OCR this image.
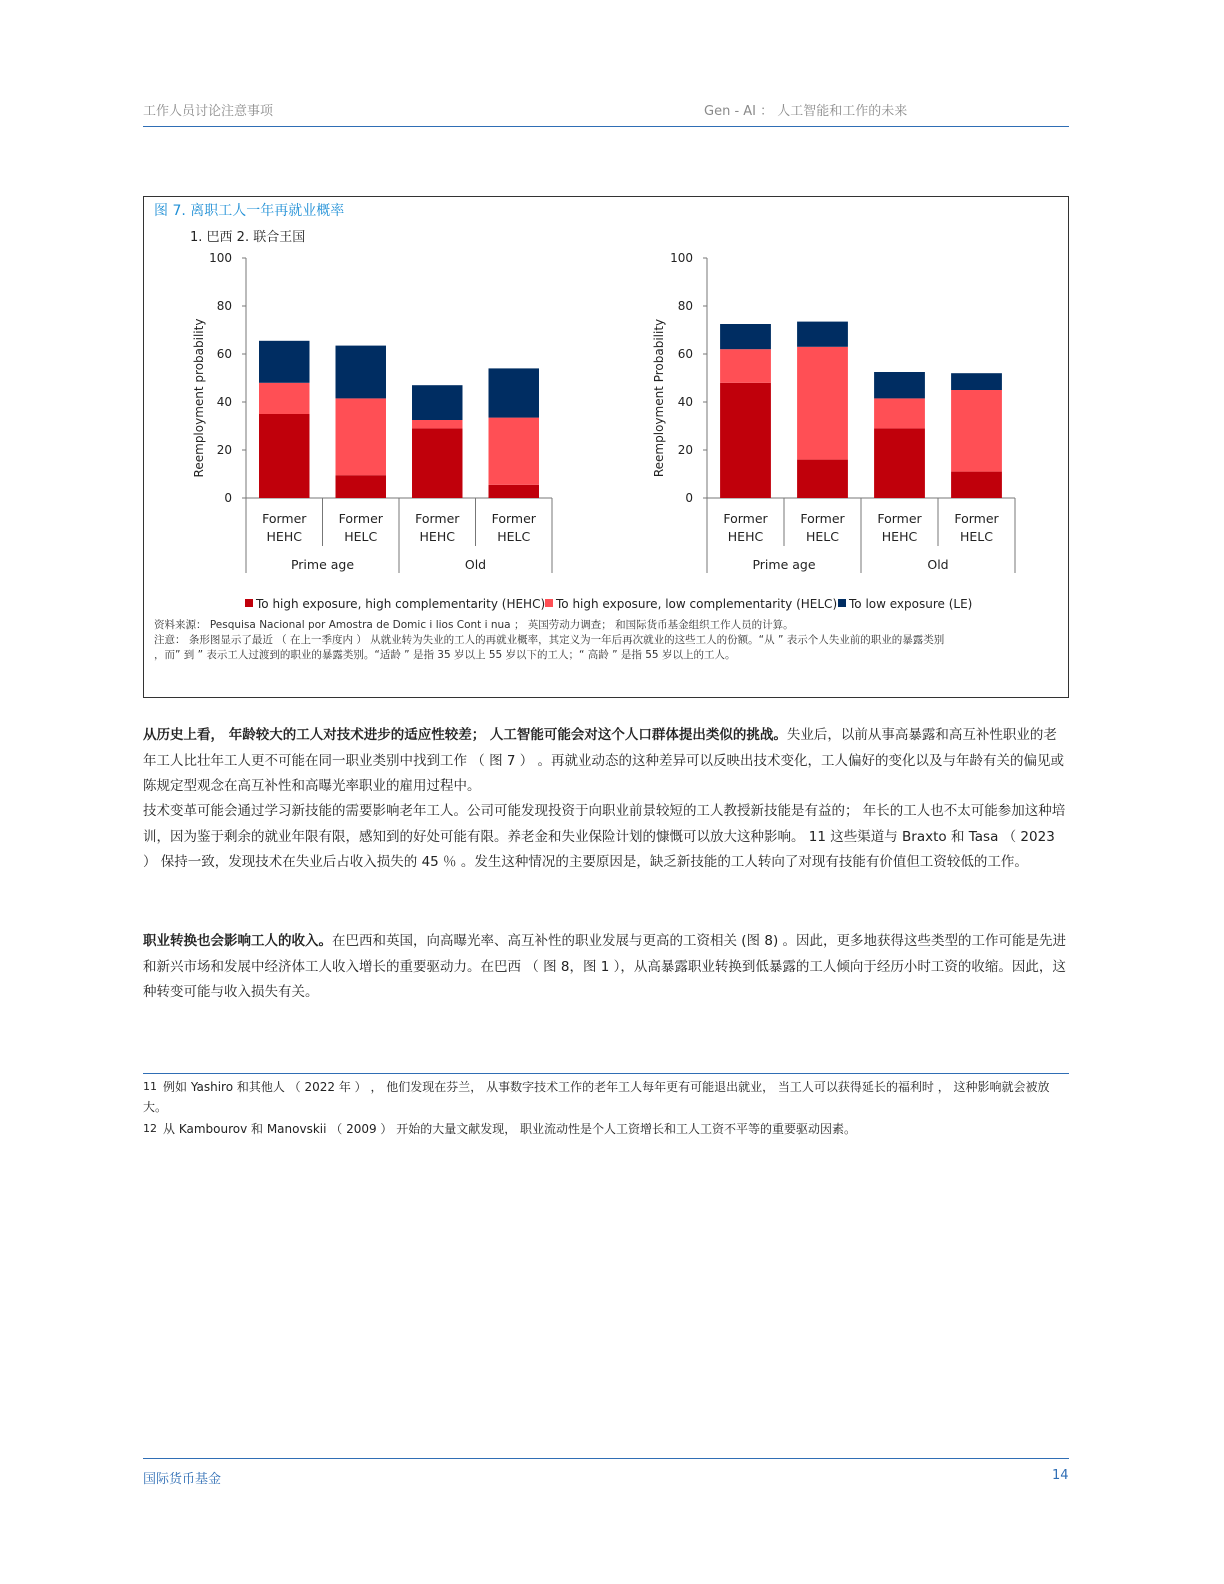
工作人员讨论注意事项	Gen - AI ： 人工智能和工作的未来
图 7. 离职工人一年再就业概率
1. 巴西 2. 联合王国
0
20
40
60
80
100
Reemployment probability
Former
HEHC
Former
HELC
Former
HEHC
Former
HELC
Prime age	Old
0
20
40
60
80
100
Reemployment Probability
Former
HEHC
Former
HELC
Former
HEHC
Former
HELC
Prime age	Old
To high exposure, high complementarity (HEHC) To high exposure, low complementarity (HELC) To low exposure (LE)
资料来源： Pesquisa Nacional por Amostra de Domic i lios Cont i nua ； 英国劳动力调查； 和国际货币基金组织工作人员的计算。
注意： 条形图显示了最近 （ 在上一季度内 ） 从就业转为失业的工人的再就业概率，其定义为一年后再次就业的这些工人的份额。“从 ” 表示个人失业前的职业的暴露类别
，而” 到 ” 表示工人过渡到的职业的暴露类别。“适龄 ” 是指 35 岁以上 55 岁以下的工人；“ 高龄 ” 是指 55 岁以上的工人。

从历史上看， 年龄较大的工人对技术进步的适应性较差； 人工智能可能会对这个人口群体提出类似的挑战。失业后，以前从事高暴露和高互补性职业的老年工人比壮年工人更不可能在同一职业类别中找到工作 （ 图 7 ） 。再就业动态的这种差异可以反映出技术变化，工人偏好的变化以及与年龄有关的偏见或陈规定型观念在高互补性和高曝光率职业的雇用过程中。

技术变革可能会通过学习新技能的需要影响老年工人。公司可能发现投资于向职业前景较短的工人教授新技能是有益的； 年长的工人也不太可能参加这种培训，因为鉴于剩余的就业年限有限，感知到的好处可能有限。养老金和失业保险计划的慷慨可以放大这种影响。 11 这些渠道与 Braxto 和 Tasa （ 2023 ） 保持一致，发现技术在失业后占收入损失的 45 ％ 。发生这种情况的主要原因是，缺乏新技能的工人转向了对现有技能有价值但工资较低的工作。

职业转换也会影响工人的收入。在巴西和英国，向高曝光率、高互补性的职业发展与更高的工资相关 (图 8) 。因此，更多地获得这些类型的工作可能是先进和新兴市场和发展中经济体工人收入增长的重要驱动力。在巴西 （ 图 8，图 1 ），从高暴露职业转换到低暴露的工人倾向于经历小时工资的收缩。因此，这种转变可能与收入损失有关。

$^{11}$ 例如 Yashiro 和其他人 （ 2022 年 ） ， 他们发现在芬兰， 从事数字技术工作的老年工人每年更有可能退出就业， 当工人可以获得延长的福利时 ， 这种影响就会被放大。
$^{12}$ 从 Kambourov 和 Manovskii （ 2009 ） 开始的大量文献发现， 职业流动性是个人工资增长和工人工资不平等的重要驱动因素。
国际货币基金	14
